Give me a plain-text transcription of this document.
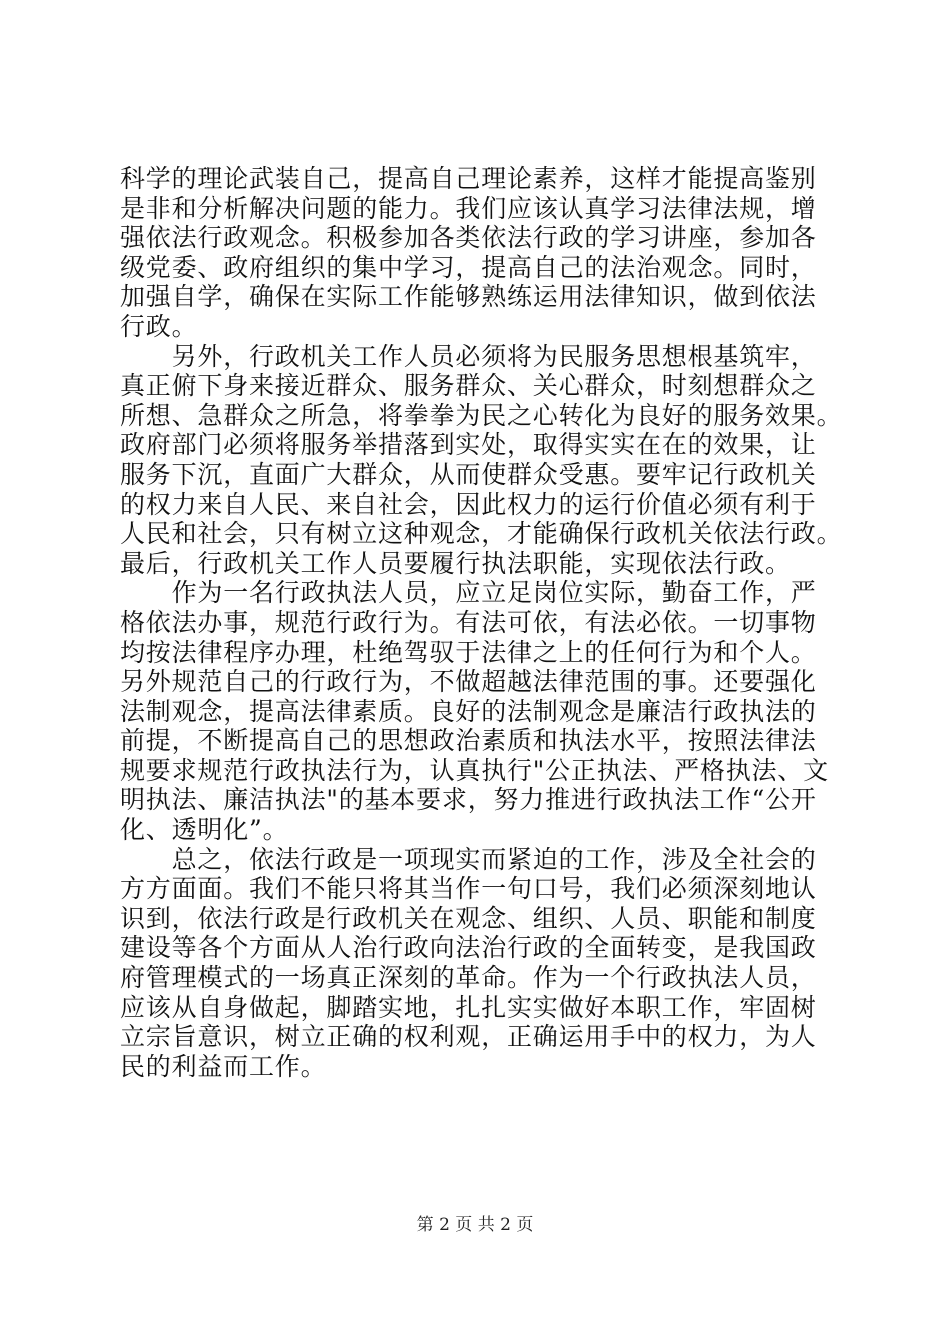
科学的理论武装自己，提高自己理论素养，这样才能提高鉴别
是非和分析解决问题的能力。我们应该认真学习法律法规，增
强依法行政观念。积极参加各类依法行政的学习讲座，参加各
级党委、政府组织的集中学习，提高自己的法治观念。同时，
加强自学，确保在实际工作能够熟练运用法律知识，做到依法
行政。
　　另外，行政机关工作人员必须将为民服务思想根基筑牢，
真正俯下身来接近群众、服务群众、关心群众，时刻想群众之
所想、急群众之所急，将拳拳为民之心转化为良好的服务效果。
政府部门必须将服务举措落到实处，取得实实在在的效果，让
服务下沉，直面广大群众，从而使群众受惠。要牢记行政机关
的权力来自人民、来自社会，因此权力的运行价值必须有利于
人民和社会，只有树立这种观念，才能确保行政机关依法行政。
最后，行政机关工作人员要履行执法职能，实现依法行政。
　　作为一名行政执法人员，应立足岗位实际，勤奋工作，严
格依法办事，规范行政行为。有法可依，有法必依。一切事物
均按法律程序办理，杜绝驾驭于法律之上的任何行为和个人。
另外规范自己的行政行为，不做超越法律范围的事。还要强化
法制观念，提高法律素质。良好的法制观念是廉洁行政执法的
前提，不断提高自己的思想政治素质和执法水平，按照法律法
规要求规范行政执法行为，认真执行"公正执法、严格执法、文
明执法、廉洁执法"的基本要求，努力推进行政执法工作“公开
化、透明化”。
　　总之，依法行政是一项现实而紧迫的工作，涉及全社会的
方方面面。我们不能只将其当作一句口号，我们必须深刻地认
识到，依法行政是行政机关在观念、组织、人员、职能和制度
建设等各个方面从人治行政向法治行政的全面转变，是我国政
府管理模式的一场真正深刻的革命。作为一个行政执法人员，
应该从自身做起，脚踏实地，扎扎实实做好本职工作，牢固树
立宗旨意识，树立正确的权利观，正确运用手中的权力，为人
民的利益而工作。
第 2 页 共 2 页
